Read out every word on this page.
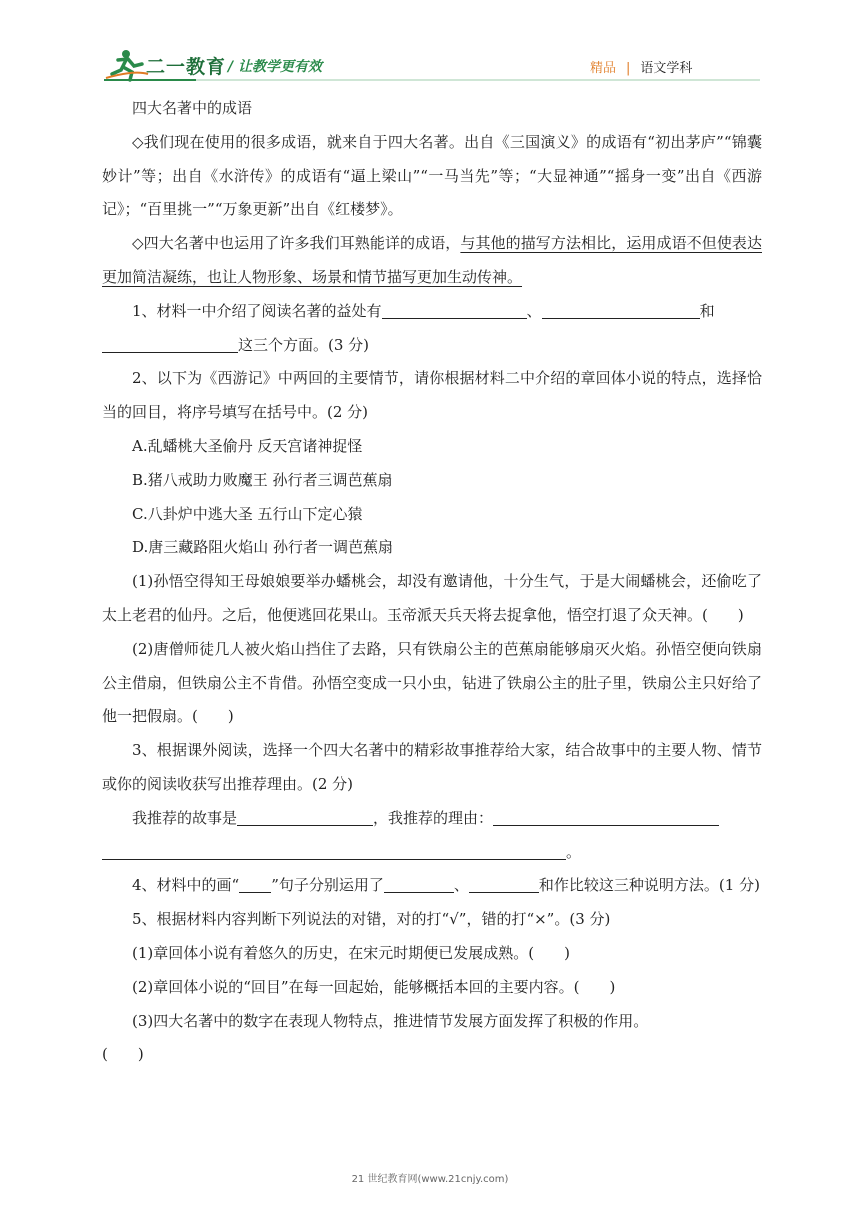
二一教育 / 让教学更有效	精品 | 语文学科

四大名著中的成语

◇我们现在使用的很多成语，就来自于四大名著。出自《三国演义》的成语有“初出茅庐”“锦囊妙计”等；出自《水浒传》的成语有“逼上梁山”“一马当先”等；“大显神通”“摇身一变”出自《西游记》；“百里挑一”“万象更新”出自《红楼梦》。

◇四大名著中也运用了许多我们耳熟能详的成语，与其他的描写方法相比，运用成语不但使表达更加简洁凝练，也让人物形象、场景和情节描写更加生动传神。

1、材料一中介绍了阅读名著的益处有	、	和

这三个方面。(3 分)

2、以下为《西游记》中两回的主要情节，请你根据材料二中介绍的章回体小说的特点，选择恰当的回目，将序号填写在括号中。(2 分)

A.乱蟠桃大圣偷丹 反天宫诸神捉怪

B.猪八戒助力败魔王 孙行者三调芭蕉扇

C.八卦炉中逃大圣 五行山下定心猿

D.唐三藏路阻火焰山 孙行者一调芭蕉扇

(1)孙悟空得知王母娘娘要举办蟠桃会，却没有邀请他，十分生气，于是大闹蟠桃会，还偷吃了太上老君的仙丹。之后，他便逃回花果山。玉帝派天兵天将去捉拿他，悟空打退了众天神。(　　)

(2)唐僧师徒几人被火焰山挡住了去路，只有铁扇公主的芭蕉扇能够扇灭火焰。孙悟空便向铁扇公主借扇，但铁扇公主不肯借。孙悟空变成一只小虫，钻进了铁扇公主的肚子里，铁扇公主只好给了他一把假扇。(　　)

3、根据课外阅读，选择一个四大名著中的精彩故事推荐给大家，结合故事中的主要人物、情节或你的阅读收获写出推荐理由。(2 分)

我推荐的故事是	，我推荐的理由：

。

4、材料中的画“ ”句子分别运用了	、	和作比较这三种说明方法。(1 分)

5、根据材料内容判断下列说法的对错，对的打“√”，错的打“×”。(3 分)

(1)章回体小说有着悠久的历史，在宋元时期便已发展成熟。(　　)

(2)章回体小说的“回目”在每一回起始，能够概括本回的主要内容。(　　)

(3)四大名著中的数字在表现人物特点，推进情节发展方面发挥了积极的作用。

(　　)

21 世纪教育网(www.21cnjy.com)
